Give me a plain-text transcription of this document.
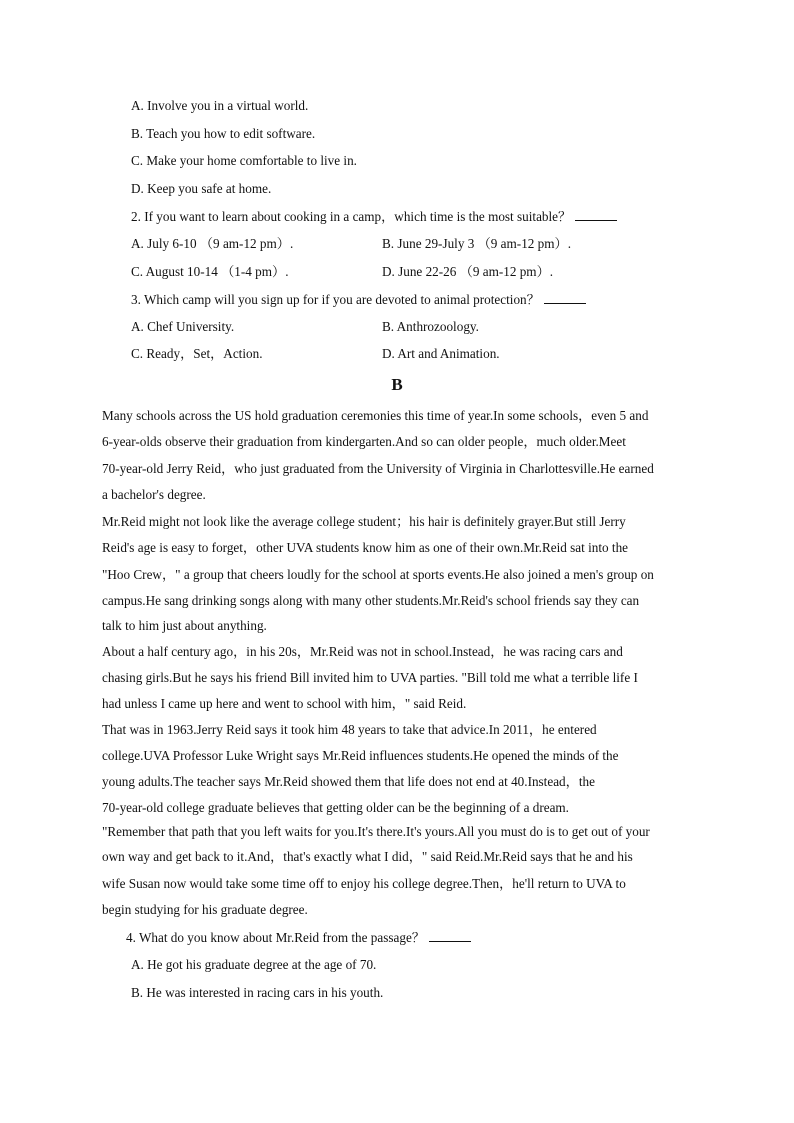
A. Involve you in a virtual world.
B. Teach you how to edit software.
C. Make your home comfortable to live in.
D. Keep you safe at home.
2. If you want to learn about cooking in a camp，which time is the most suitable？
A. July 6-10 （9 am-12 pm）.	B. June 29-July 3 （9 am-12 pm）.
C. August 10-14 （1-4 pm）.	D. June 22-26 （9 am-12 pm）.
3. Which camp will you sign up for if you are devoted to animal protection？
A. Chef University.	B. Anthrozoology.
C. Ready，Set，Action.	D. Art and Animation.
B
Many schools across the US hold graduation ceremonies this time of year.In some schools，even 5 and
6-year-olds observe their graduation from kindergarten.And so can older people，much older.Meet
70-year-old Jerry Reid，who just graduated from the University of Virginia in Charlottesville.He earned
a bachelor's degree.
Mr.Reid might not look like the average college student；his hair is definitely grayer.But still Jerry
Reid's age is easy to forget，other UVA students know him as one of their own.Mr.Reid sat into the
"Hoo Crew，" a group that cheers loudly for the school at sports events.He also joined a men's group on
campus.He sang drinking songs along with many other students.Mr.Reid's school friends say they can
talk to him just about anything.
About a half century ago，in his 20s，Mr.Reid was not in school.Instead，he was racing cars and
chasing girls.But he says his friend Bill invited him to UVA parties. "Bill told me what a terrible life I
had unless I came up here and went to school with him，" said Reid.
That was in 1963.Jerry Reid says it took him 48 years to take that advice.In 2011，he entered
college.UVA Professor Luke Wright says Mr.Reid influences students.He opened the minds of the
young adults.The teacher says Mr.Reid showed them that life does not end at 40.Instead，the
70-year-old college graduate believes that getting older can be the beginning of a dream.
"Remember that path that you left waits for you.It's there.It's yours.All you must do is to get out of your
own way and get back to it.And，that's exactly what I did，" said Reid.Mr.Reid says that he and his
wife Susan now would take some time off to enjoy his college degree.Then，he'll return to UVA to
begin studying for his graduate degree.
4. What do you know about Mr.Reid from the passage？
A. He got his graduate degree at the age of 70.
B. He was interested in racing cars in his youth.
